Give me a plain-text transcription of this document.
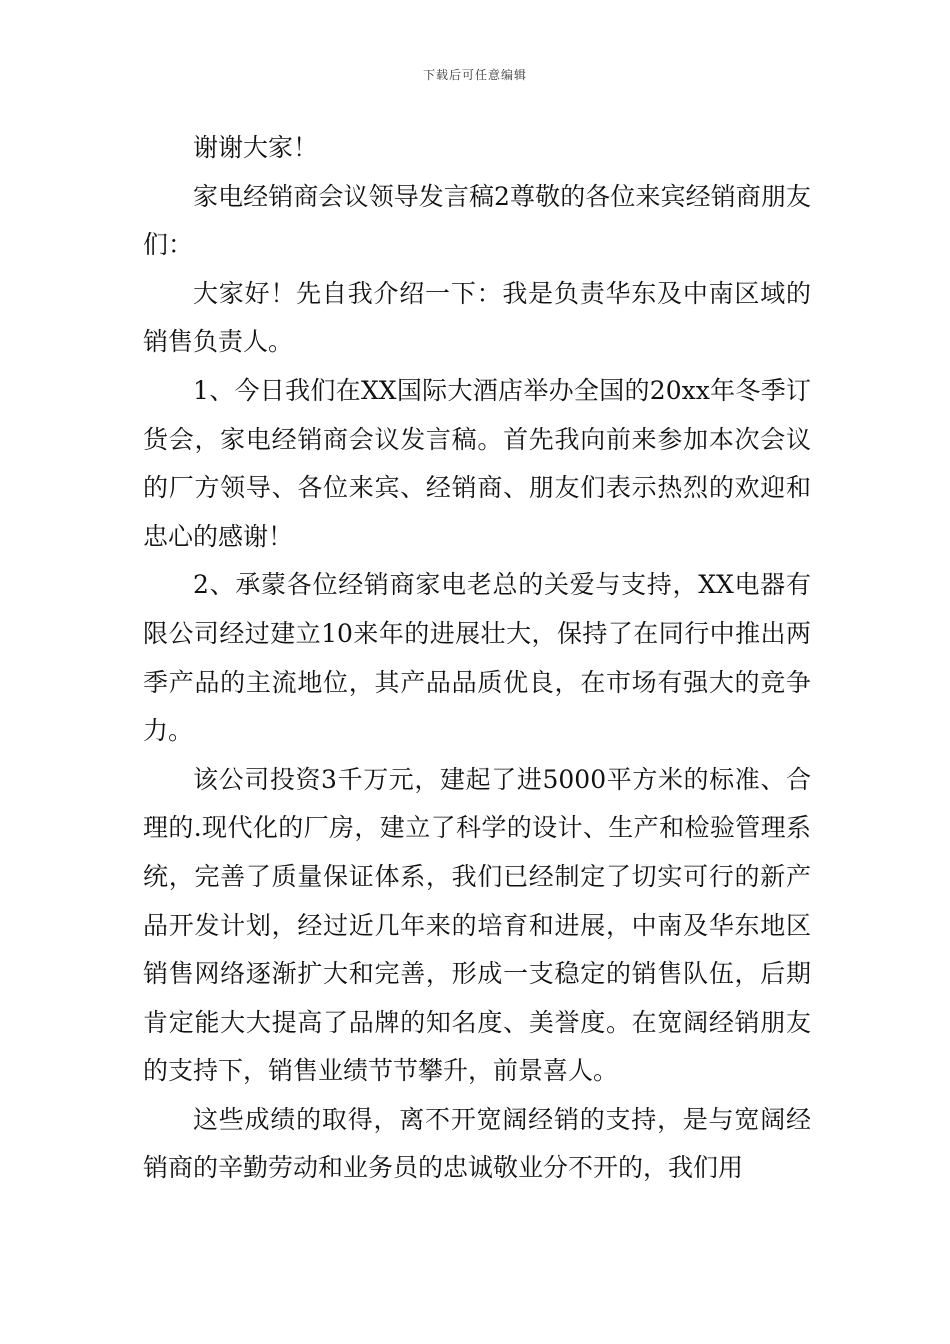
下载后可任意编辑

谢谢大家！

家电经销商会议领导发言稿2尊敬的各位来宾经销商朋友们：

大家好！先自我介绍一下：我是负责华东及中南区域的销售负责人。

1、今日我们在XX国际大酒店举办全国的20xx年冬季订货会，家电经销商会议发言稿。首先我向前来参加本次会议的厂方领导、各位来宾、经销商、朋友们表示热烈的欢迎和忠心的感谢！

2、承蒙各位经销商家电老总的关爱与支持，XX电器有限公司经过建立10来年的进展壮大，保持了在同行中推出两季产品的主流地位，其产品品质优良，在市场有强大的竞争力。

该公司投资3千万元，建起了进5000平方米的标准、合理的.现代化的厂房，建立了科学的设计、生产和检验管理系统，完善了质量保证体系，我们已经制定了切实可行的新产品开发计划，经过近几年来的培育和进展，中南及华东地区销售网络逐渐扩大和完善，形成一支稳定的销售队伍，后期肯定能大大提高了品牌的知名度、美誉度。在宽阔经销朋友的支持下，销售业绩节节攀升，前景喜人。

这些成绩的取得，离不开宽阔经销的支持，是与宽阔经销商的辛勤劳动和业务员的忠诚敬业分不开的，我们用
